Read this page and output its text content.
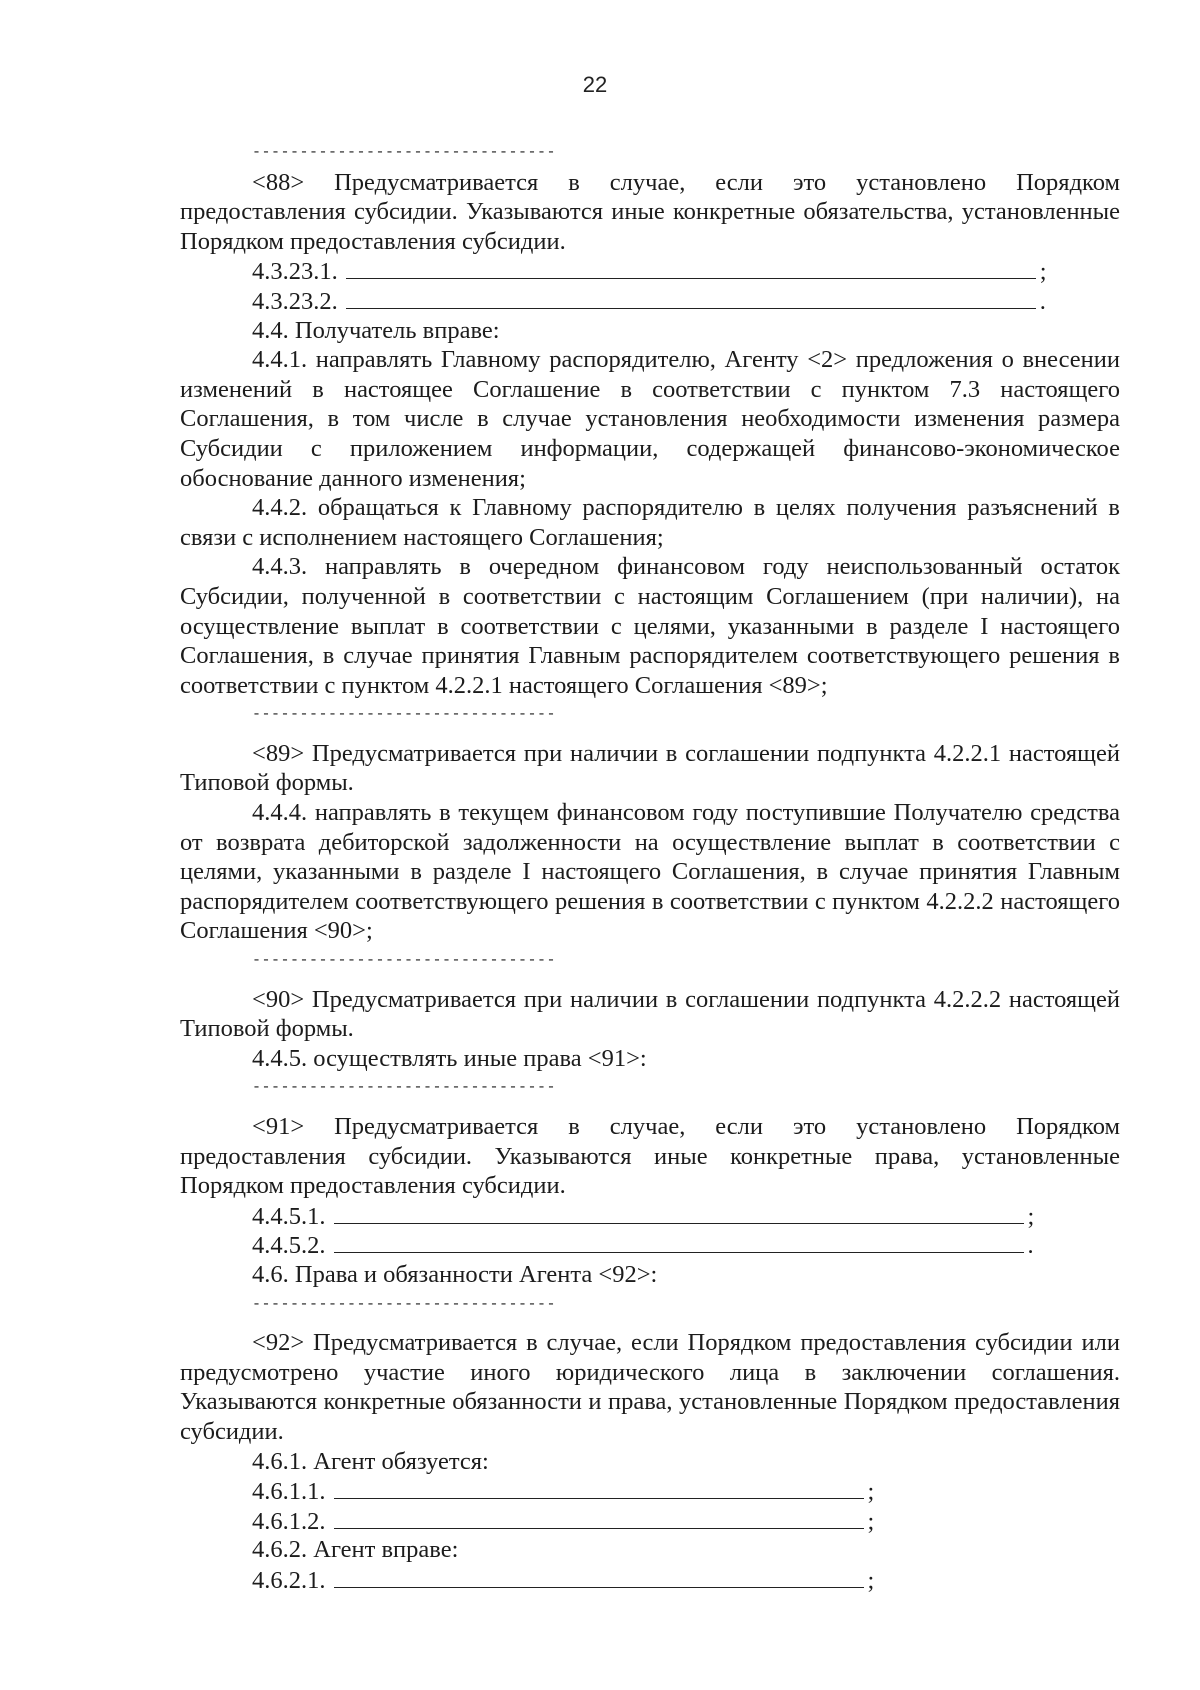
22
--------------------------------

<88> Предусматривается в случае, если это установлено Порядком предоставления субсидии. Указываются иные конкретные обязательства, установленные Порядком предоставления субсидии.

4.3.23.1.	;
4.3.23.2.	.

4.4. Получатель вправе:

4.4.1. направлять Главному распорядителю, Агенту <2> предложения о внесении изменений в настоящее Соглашение в соответствии с пунктом 7.3 настоящего Соглашения, в том числе в случае установления необходимости изменения размера Субсидии с приложением информации, содержащей финансово-экономическое обоснование данного изменения;

4.4.2. обращаться к Главному распорядителю в целях получения разъяснений в связи с исполнением настоящего Соглашения;

4.4.3. направлять в очередном финансовом году неиспользованный остаток Субсидии, полученной в соответствии с настоящим Соглашением (при наличии), на осуществление выплат в соответствии с целями, указанными в разделе I настоящего Соглашения, в случае принятия Главным распорядителем соответствующего решения в соответствии с пунктом 4.2.2.1 настоящего Соглашения <89>;

--------------------------------

<89> Предусматривается при наличии в соглашении подпункта 4.2.2.1 настоящей Типовой формы.

4.4.4. направлять в текущем финансовом году поступившие Получателю средства от возврата дебиторской задолженности на осуществление выплат в соответствии с целями, указанными в разделе I настоящего Соглашения, в случае принятия Главным распорядителем соответствующего решения в соответствии с пунктом 4.2.2.2 настоящего Соглашения <90>;

--------------------------------

<90> Предусматривается при наличии в соглашении подпункта 4.2.2.2 настоящей Типовой формы.

4.4.5. осуществлять иные права <91>:

--------------------------------

<91> Предусматривается в случае, если это установлено Порядком предоставления субсидии. Указываются иные конкретные права, установленные Порядком предоставления субсидии.

4.4.5.1.	;
4.4.5.2.	.

4.6. Права и обязанности Агента <92>:

--------------------------------

<92> Предусматривается в случае, если Порядком предоставления субсидии или предусмотрено участие иного юридического лица в заключении соглашения. Указываются конкретные обязанности и права, установленные Порядком предоставления субсидии.

4.6.1. Агент обязуется:

4.6.1.1.	;
4.6.1.2.	;

4.6.2. Агент вправе:

4.6.2.1.	;
